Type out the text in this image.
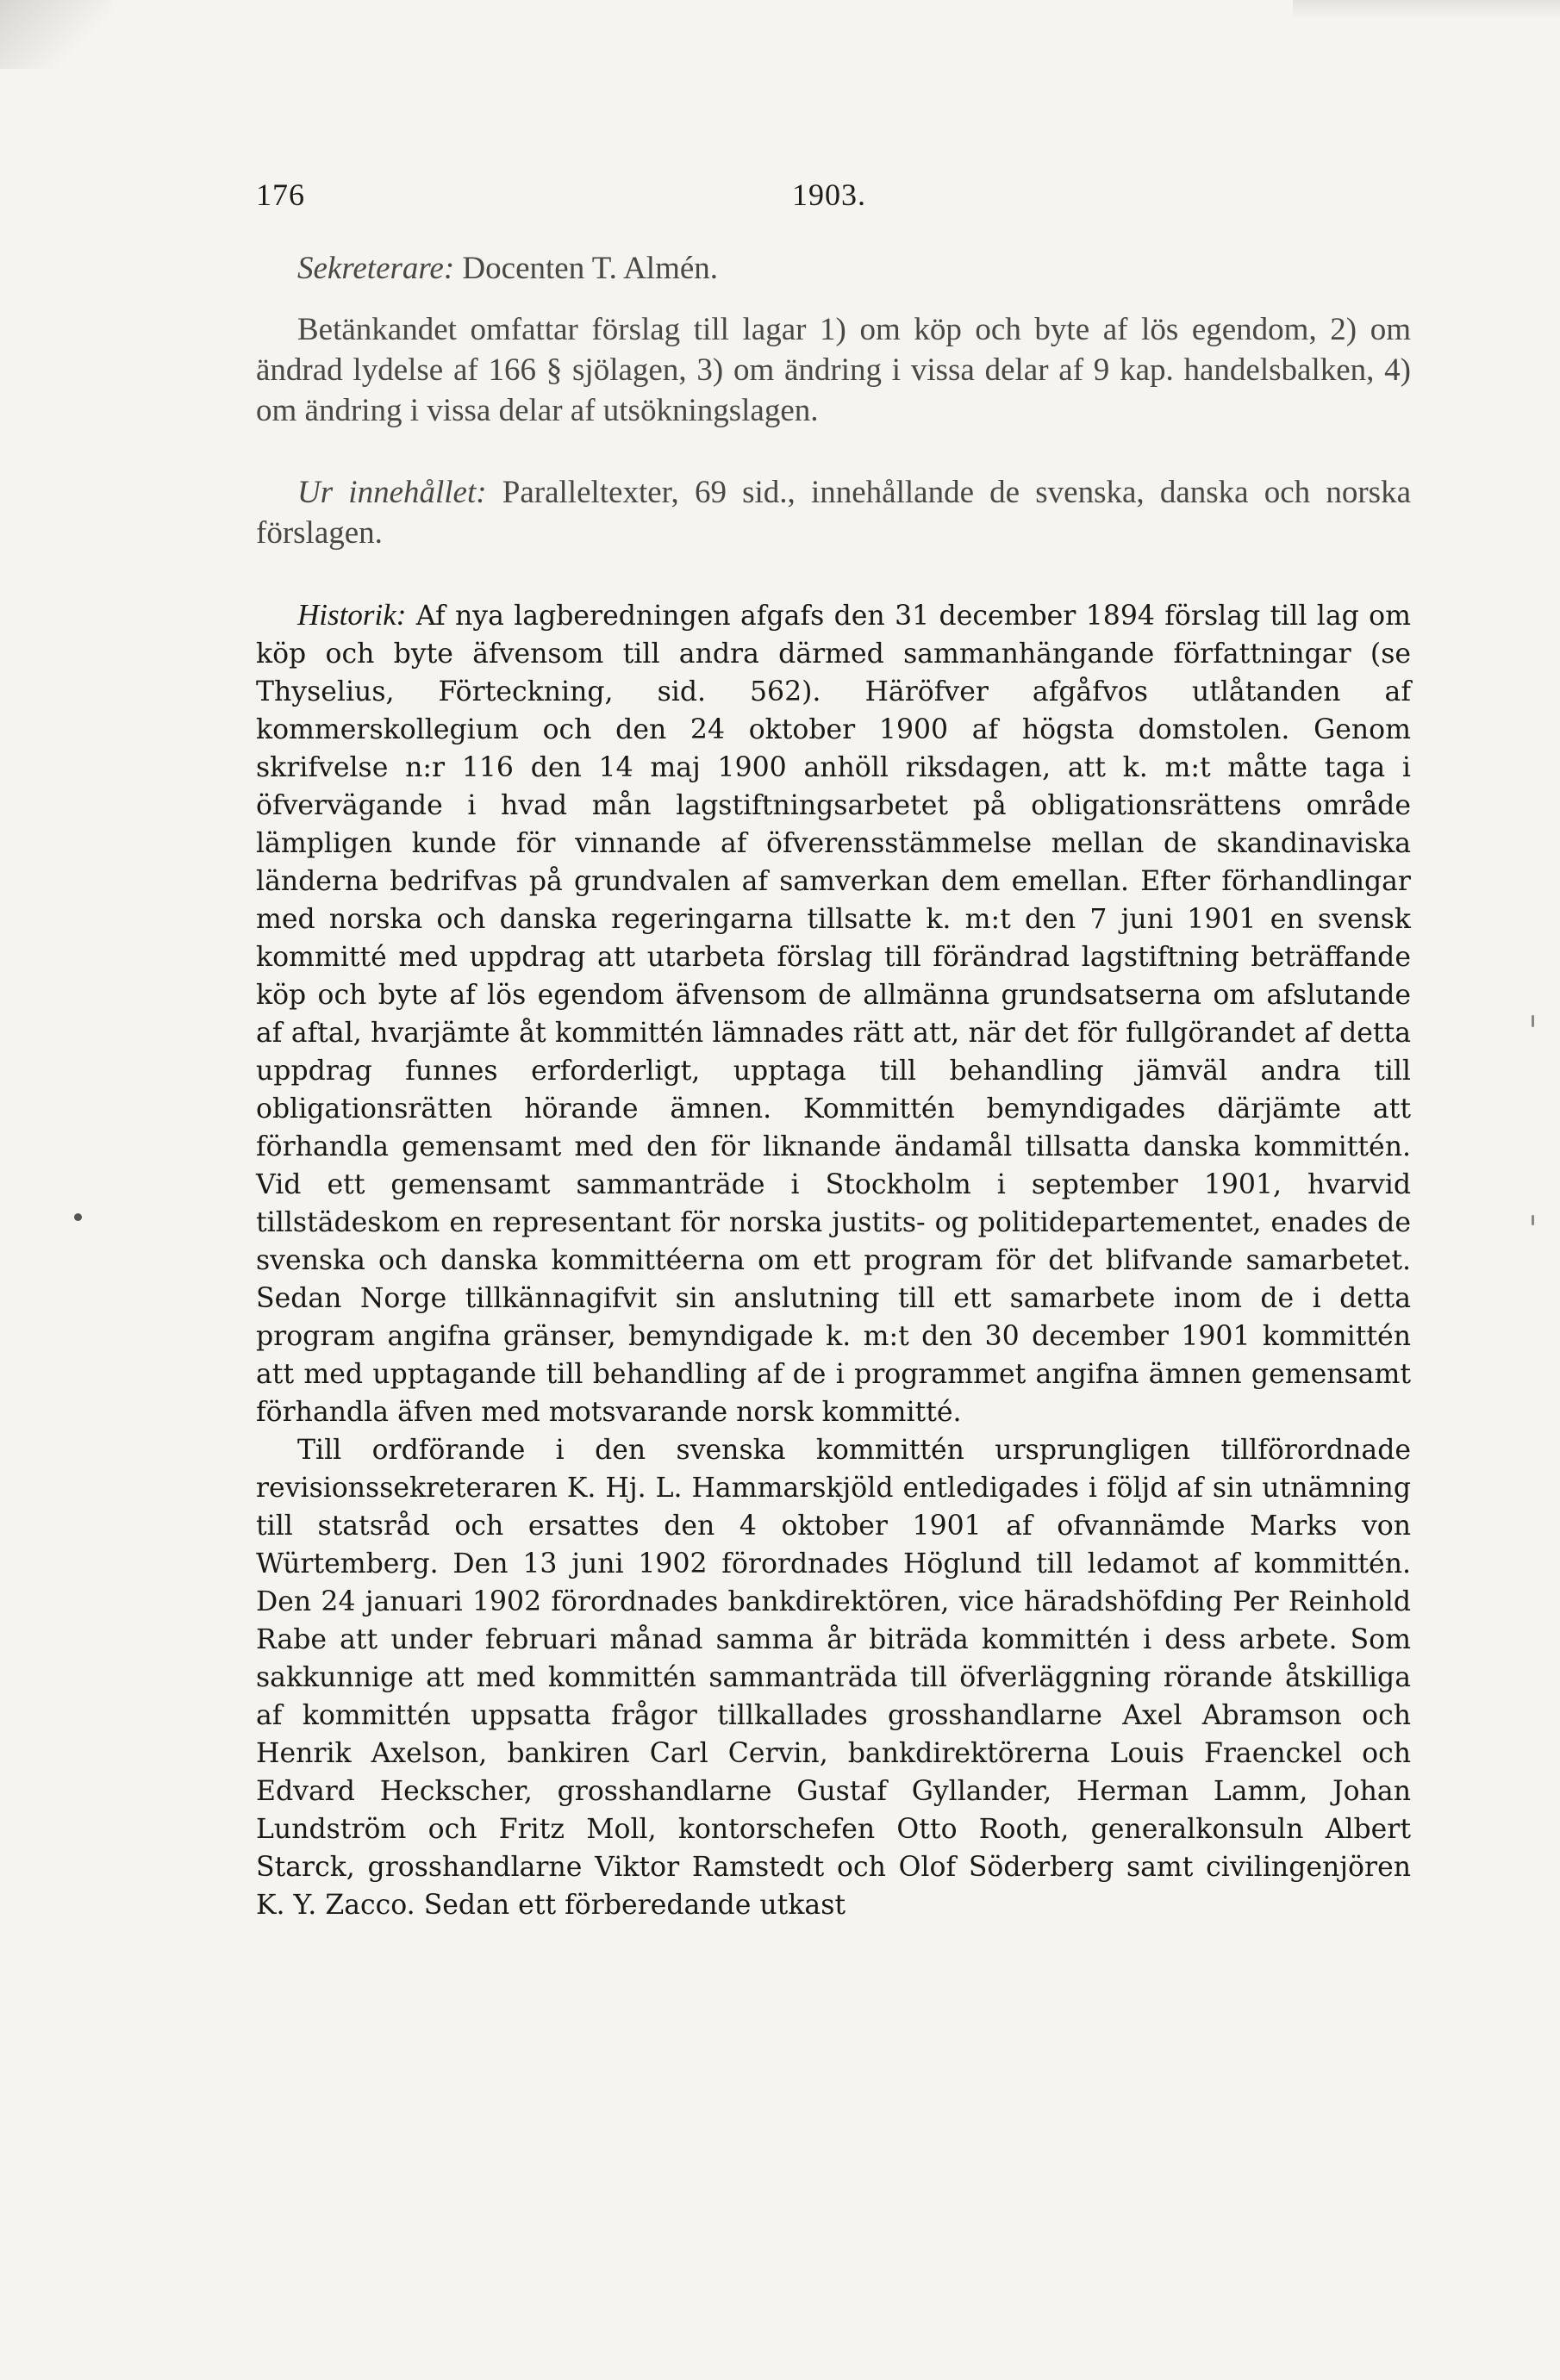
176	1903.

Sekreterare: Docenten T. Almén.

Betänkandet omfattar förslag till lagar 1) om köp och byte af lös egendom, 2) om ändrad lydelse af 166 § sjölagen, 3) om ändring i vissa delar af 9 kap. handelsbalken, 4) om ändring i vissa delar af utsökningslagen.

Ur innehållet: Paralleltexter, 69 sid., innehållande de svenska, danska och norska förslagen.

Historik: Af nya lagberedningen afgafs den 31 december 1894 förslag till lag om köp och byte äfvensom till andra därmed sammanhängande författningar (se Thyselius, Förteckning, sid. 562). Häröfver afgåfvos utlåtanden af kommerskollegium och den 24 oktober 1900 af högsta domstolen. Genom skrifvelse n:r 116 den 14 maj 1900 anhöll riksdagen, att k. m:t måtte taga i öfvervägande i hvad mån lagstiftningsarbetet på obligationsrättens område lämpligen kunde för vinnande af öfverensstämmelse mellan de skandinaviska länderna bedrifvas på grundvalen af samverkan dem emellan. Efter förhandlingar med norska och danska regeringarna tillsatte k. m:t den 7 juni 1901 en svensk kommitté med uppdrag att utarbeta förslag till förändrad lagstiftning beträffande köp och byte af lös egendom äfvensom de allmänna grundsatserna om afslutande af aftal, hvarjämte åt kommittén lämnades rätt att, när det för fullgörandet af detta uppdrag funnes erforderligt, upptaga till behandling jämväl andra till obligationsrätten hörande ämnen. Kommittén bemyndigades därjämte att förhandla gemensamt med den för liknande ändamål tillsatta danska kommittén. Vid ett gemensamt sammanträde i Stockholm i september 1901, hvarvid tillstädeskom en representant för norska justits- og politidepartementet, enades de svenska och danska kommittéerna om ett program för det blifvande samarbetet. Sedan Norge tillkännagifvit sin anslutning till ett samarbete inom de i detta program angifna gränser, bemyndigade k. m:t den 30 december 1901 kommittén att med upptagande till behandling af de i programmet angifna ämnen gemensamt förhandla äfven med motsvarande norsk kommitté.

Till ordförande i den svenska kommittén ursprungligen tillförordnade revisionssekreteraren K. Hj. L. Hammarskjöld entledigades i följd af sin utnämning till statsråd och ersattes den 4 oktober 1901 af ofvannämde Marks von Würtemberg. Den 13 juni 1902 förordnades Höglund till ledamot af kommittén. Den 24 januari 1902 förordnades bankdirektören, vice häradshöfding Per Reinhold Rabe att under februari månad samma år biträda kommittén i dess arbete. Som sakkunnige att med kommittén sammanträda till öfverläggning rörande åtskilliga af kommittén uppsatta frågor tillkallades grosshandlarne Axel Abramson och Henrik Axelson, bankiren Carl Cervin, bankdirektörerna Louis Fraenckel och Edvard Heckscher, grosshandlarne Gustaf Gyllander, Herman Lamm, Johan Lundström och Fritz Moll, kontorschefen Otto Rooth, generalkonsuln Albert Starck, grosshandlarne Viktor Ramstedt och Olof Söderberg samt civilingenjören K. Y. Zacco. Sedan ett förberedande utkast
